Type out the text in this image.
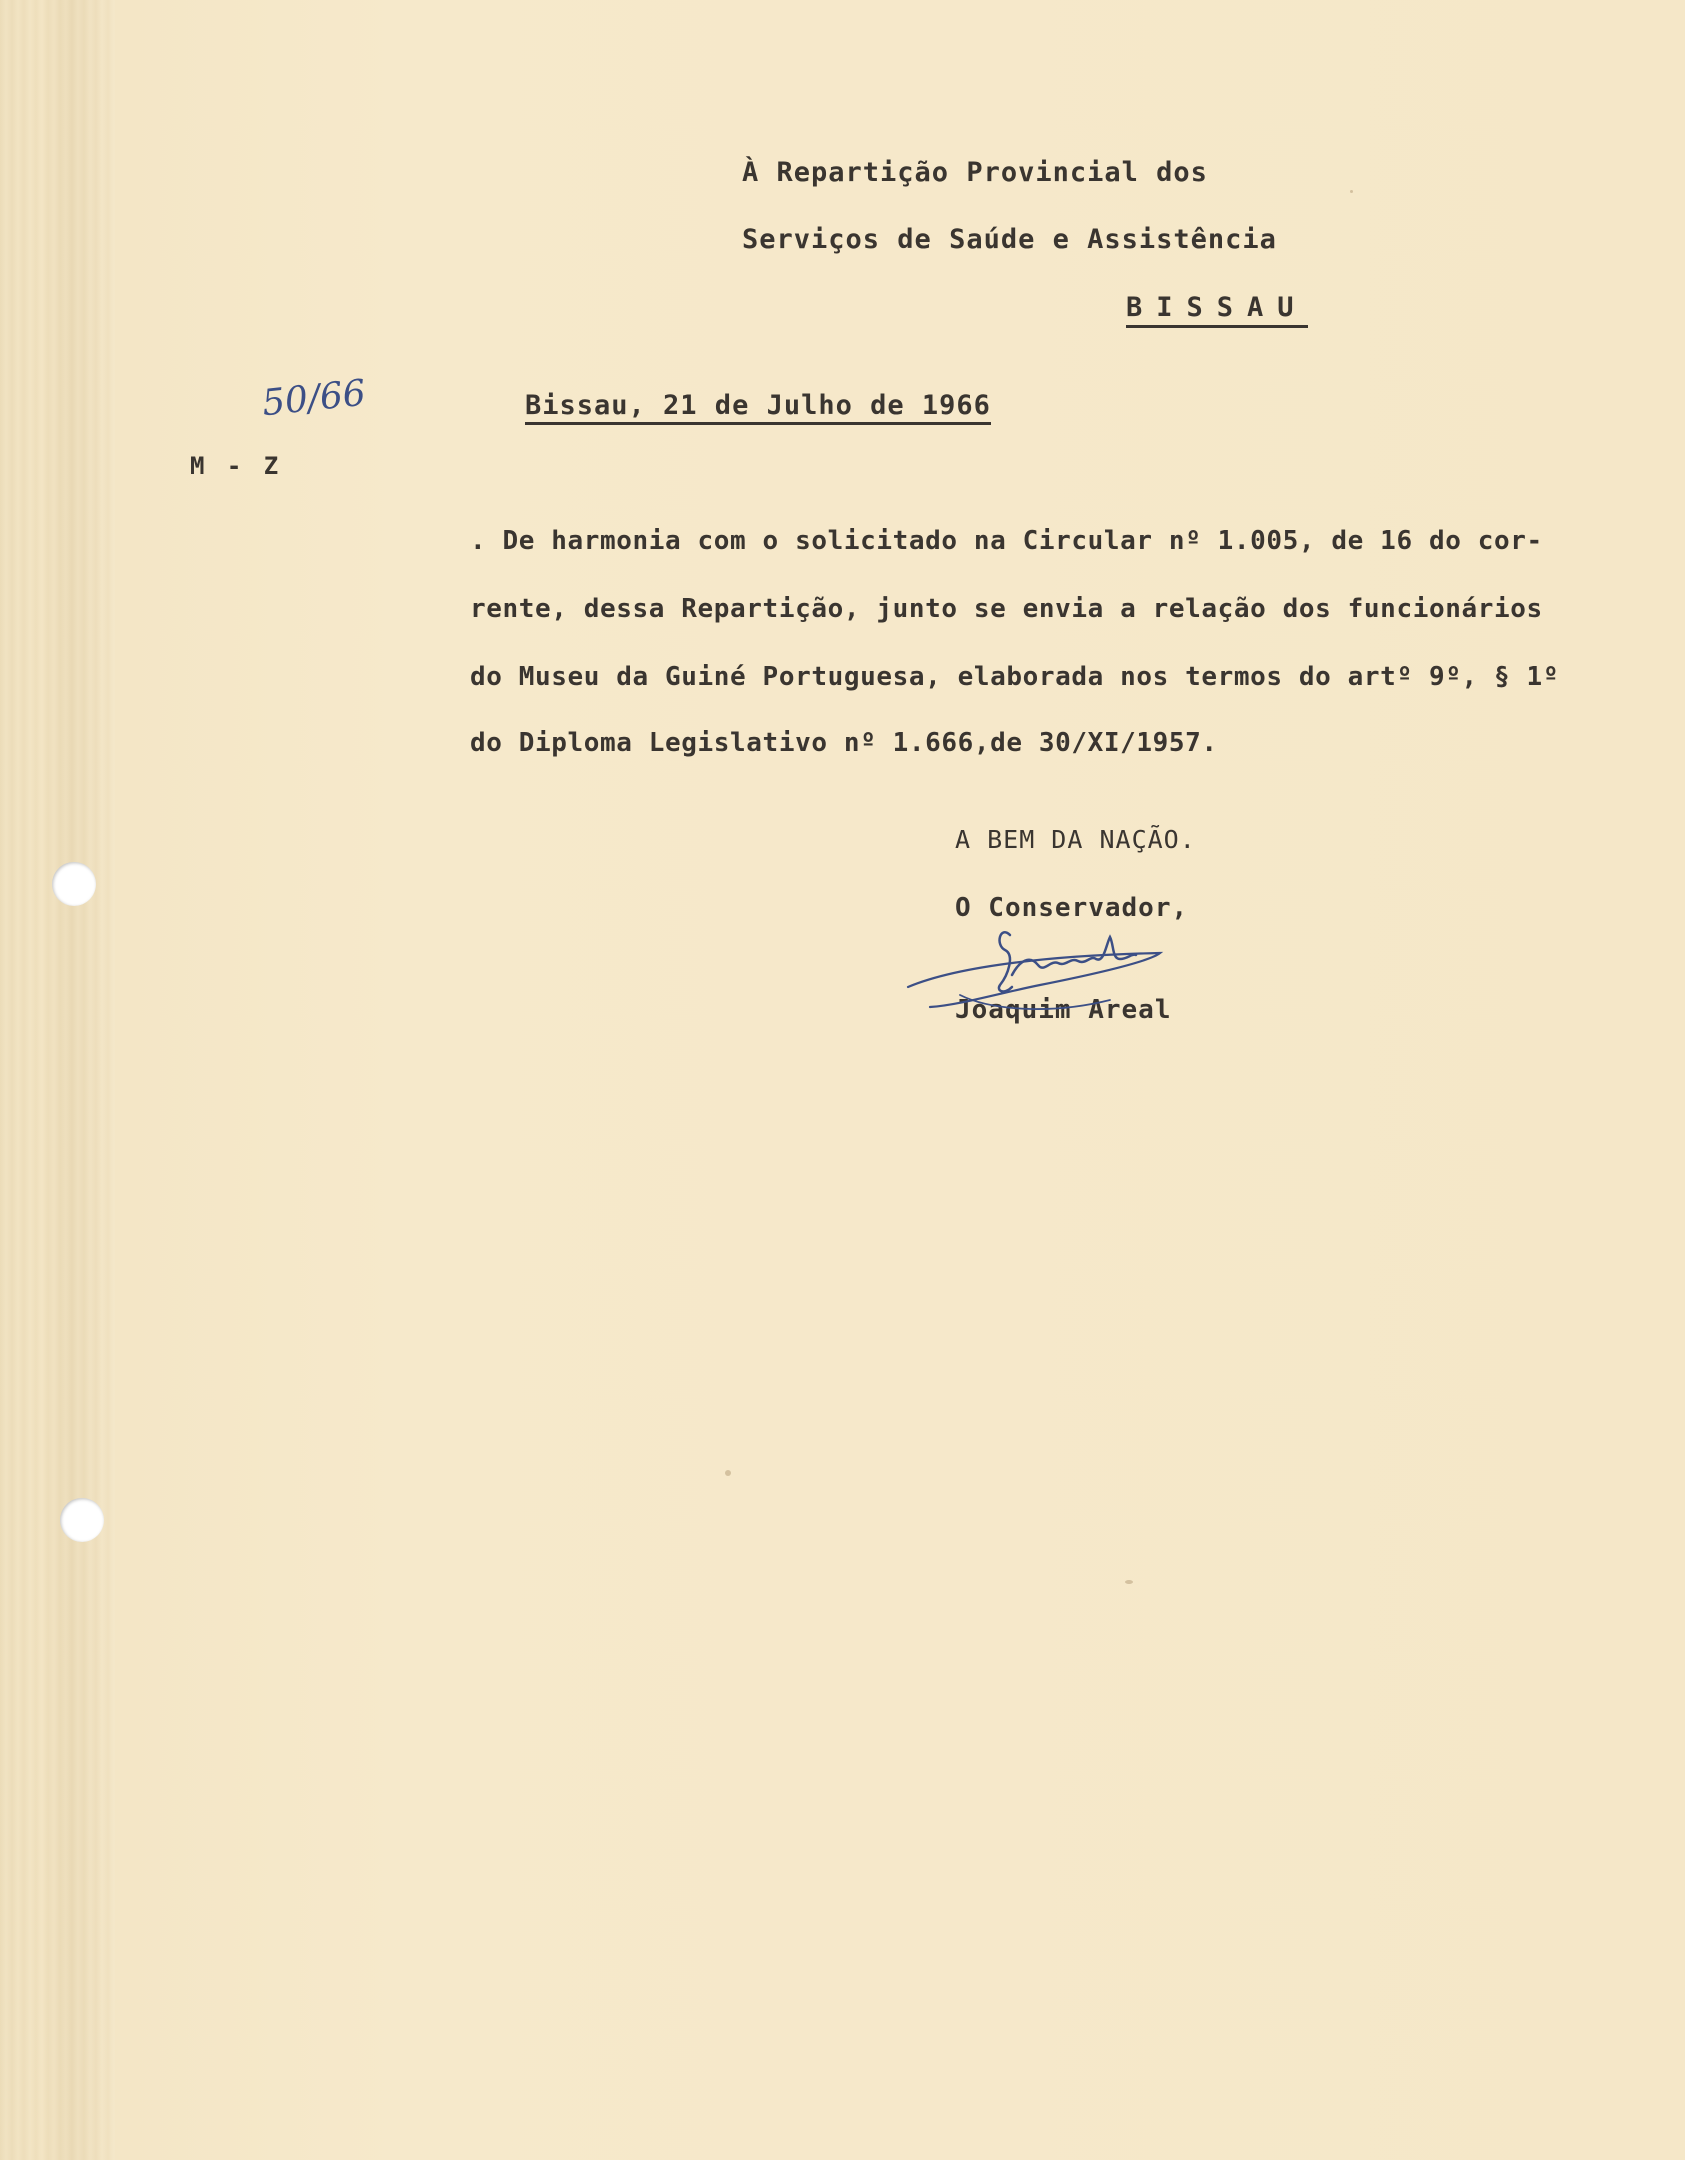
À Repartição Provincial dos
Serviços de Saúde e Assistência
BISSAU
50/66
M - Z
Bissau, 21 de Julho de 1966
. De harmonia com o solicitado na Circular nº 1.005, de 16 do cor-
rente, dessa Repartição, junto se envia a relação dos funcionários
do Museu da Guiné Portuguesa, elaborada nos termos do artº 9º, § 1º
do Diploma Legislativo nº 1.666,de 30/XI/1957.
A BEM DA NAÇÃO.
O Conservador,
Joaquim Areal
